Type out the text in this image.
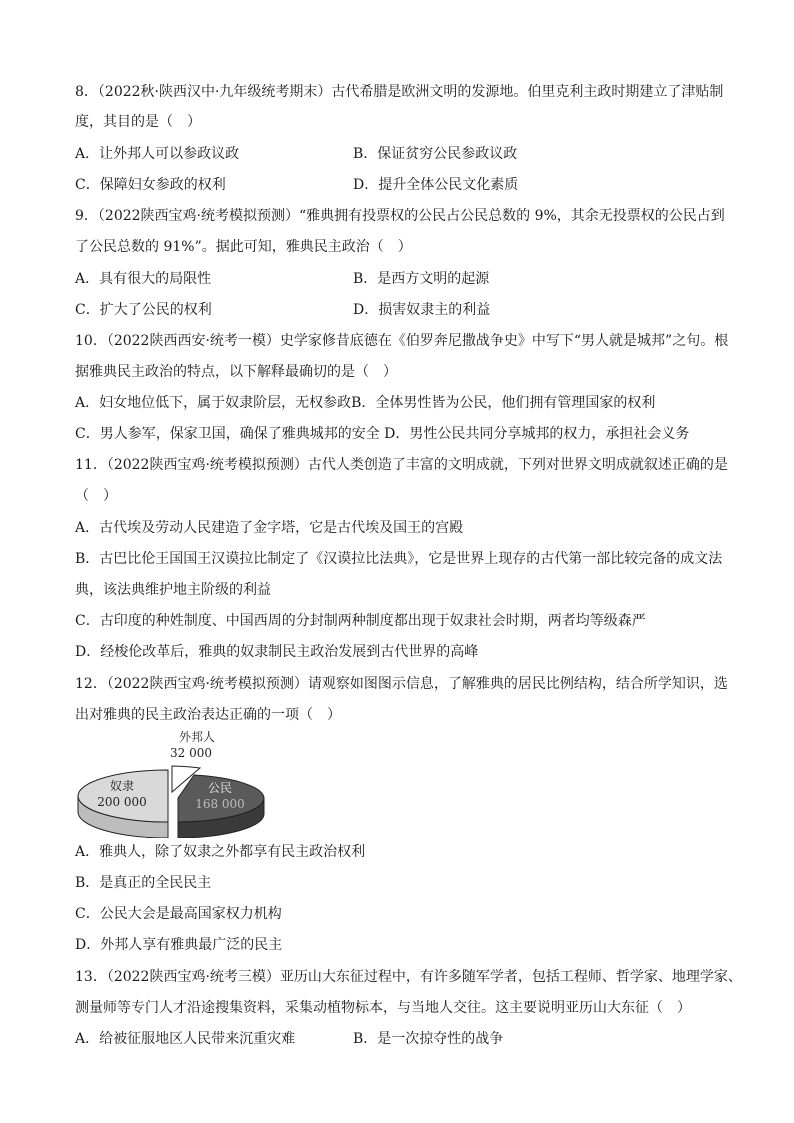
8．（2022秋·陕西汉中·九年级统考期末）古代希腊是欧洲文明的发源地。伯里克利主政时期建立了津贴制
度，其目的是（　）
A．让外邦人可以参政议政	B．保证贫穷公民参政议政
C．保障妇女参政的权利	D．提升全体公民文化素质
9．（2022陕西宝鸡·统考模拟预测）“雅典拥有投票权的公民占公民总数的 9%，其余无投票权的公民占到
了公民总数的 91%”。据此可知，雅典民主政治（　）
A．具有很大的局限性	B．是西方文明的起源
C．扩大了公民的权利	D．损害奴隶主的利益
10．（2022陕西西安·统考一模）史学家修昔底德在《伯罗奔尼撒战争史》中写下“男人就是城邦”之句。根
据雅典民主政治的特点，以下解释最确切的是（　）
A．妇女地位低下，属于奴隶阶层，无权参政B．全体男性皆为公民，他们拥有管理国家的权利
C．男人参军，保家卫国，确保了雅典城邦的安全 D．男性公民共同分享城邦的权力，承担社会义务
11．（2022陕西宝鸡·统考模拟预测）古代人类创造了丰富的文明成就，下列对世界文明成就叙述正确的是
（　）
A．古代埃及劳动人民建造了金字塔，它是古代埃及国王的宫殿
B．古巴比伦王国国王汉谟拉比制定了《汉谟拉比法典》，它是世界上现存的古代第一部比较完备的成文法
典，该法典维护地主阶级的利益
C．古印度的种姓制度、中国西周的分封制两种制度都出现于奴隶社会时期，两者均等级森严
D．经梭伦改革后，雅典的奴隶制民主政治发展到古代世界的高峰
12．（2022陕西宝鸡·统考模拟预测）请观察如图图示信息，了解雅典的居民比例结构，结合所学知识，选
出对雅典的民主政治表达正确的一项（　）
奴隶
200 000
公民
168 000
外邦人
32 000
A．雅典人，除了奴隶之外都享有民主政治权利
B．是真正的全民民主
C．公民大会是最高国家权力机构
D．外邦人享有雅典最广泛的民主
13．（2022陕西宝鸡·统考三模）亚历山大东征过程中，有许多随军学者，包括工程师、哲学家、地理学家、
测量师等专门人才沿途搜集资料，采集动植物标本，与当地人交往。这主要说明亚历山大东征（　）
A．给被征服地区人民带来沉重灾难	B．是一次掠夺性的战争
